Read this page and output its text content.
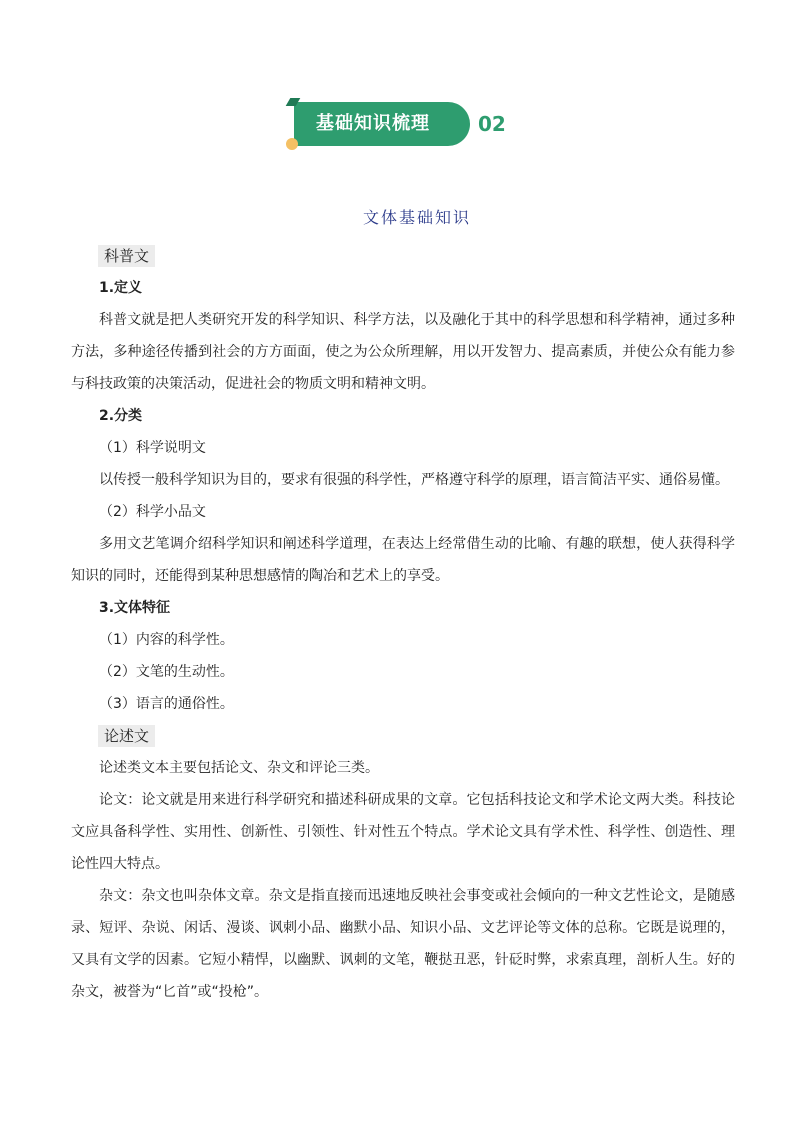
基础知识梳理 02
文体基础知识
科普文

1.定义

科普文就是把人类研究开发的科学知识、科学方法，以及融化于其中的科学思想和科学精神，通过多种方法，多种途径传播到社会的方方面面，使之为公众所理解，用以开发智力、提高素质，并使公众有能力参与科技政策的决策活动，促进社会的物质文明和精神文明。

2.分类

（1）科学说明文

以传授一般科学知识为目的，要求有很强的科学性，严格遵守科学的原理，语言简洁平实、通俗易懂。

（2）科学小品文

多用文艺笔调介绍科学知识和阐述科学道理，在表达上经常借生动的比喻、有趣的联想，使人获得科学知识的同时，还能得到某种思想感情的陶冶和艺术上的享受。

3.文体特征

（1）内容的科学性。

（2）文笔的生动性。

（3）语言的通俗性。

论述文

论述类文本主要包括论文、杂文和评论三类。

论文：论文就是用来进行科学研究和描述科研成果的文章。它包括科技论文和学术论文两大类。科技论文应具备科学性、实用性、创新性、引领性、针对性五个特点。学术论文具有学术性、科学性、创造性、理论性四大特点。

杂文：杂文也叫杂体文章。杂文是指直接而迅速地反映社会事变或社会倾向的一种文艺性论文，是随感录、短评、杂说、闲话、漫谈、讽刺小品、幽默小品、知识小品、文艺评论等文体的总称。它既是说理的，又具有文学的因素。它短小精悍，以幽默、讽刺的文笔，鞭挞丑恶，针砭时弊，求索真理，剖析人生。好的杂文，被誉为“匕首”或“投枪”。
